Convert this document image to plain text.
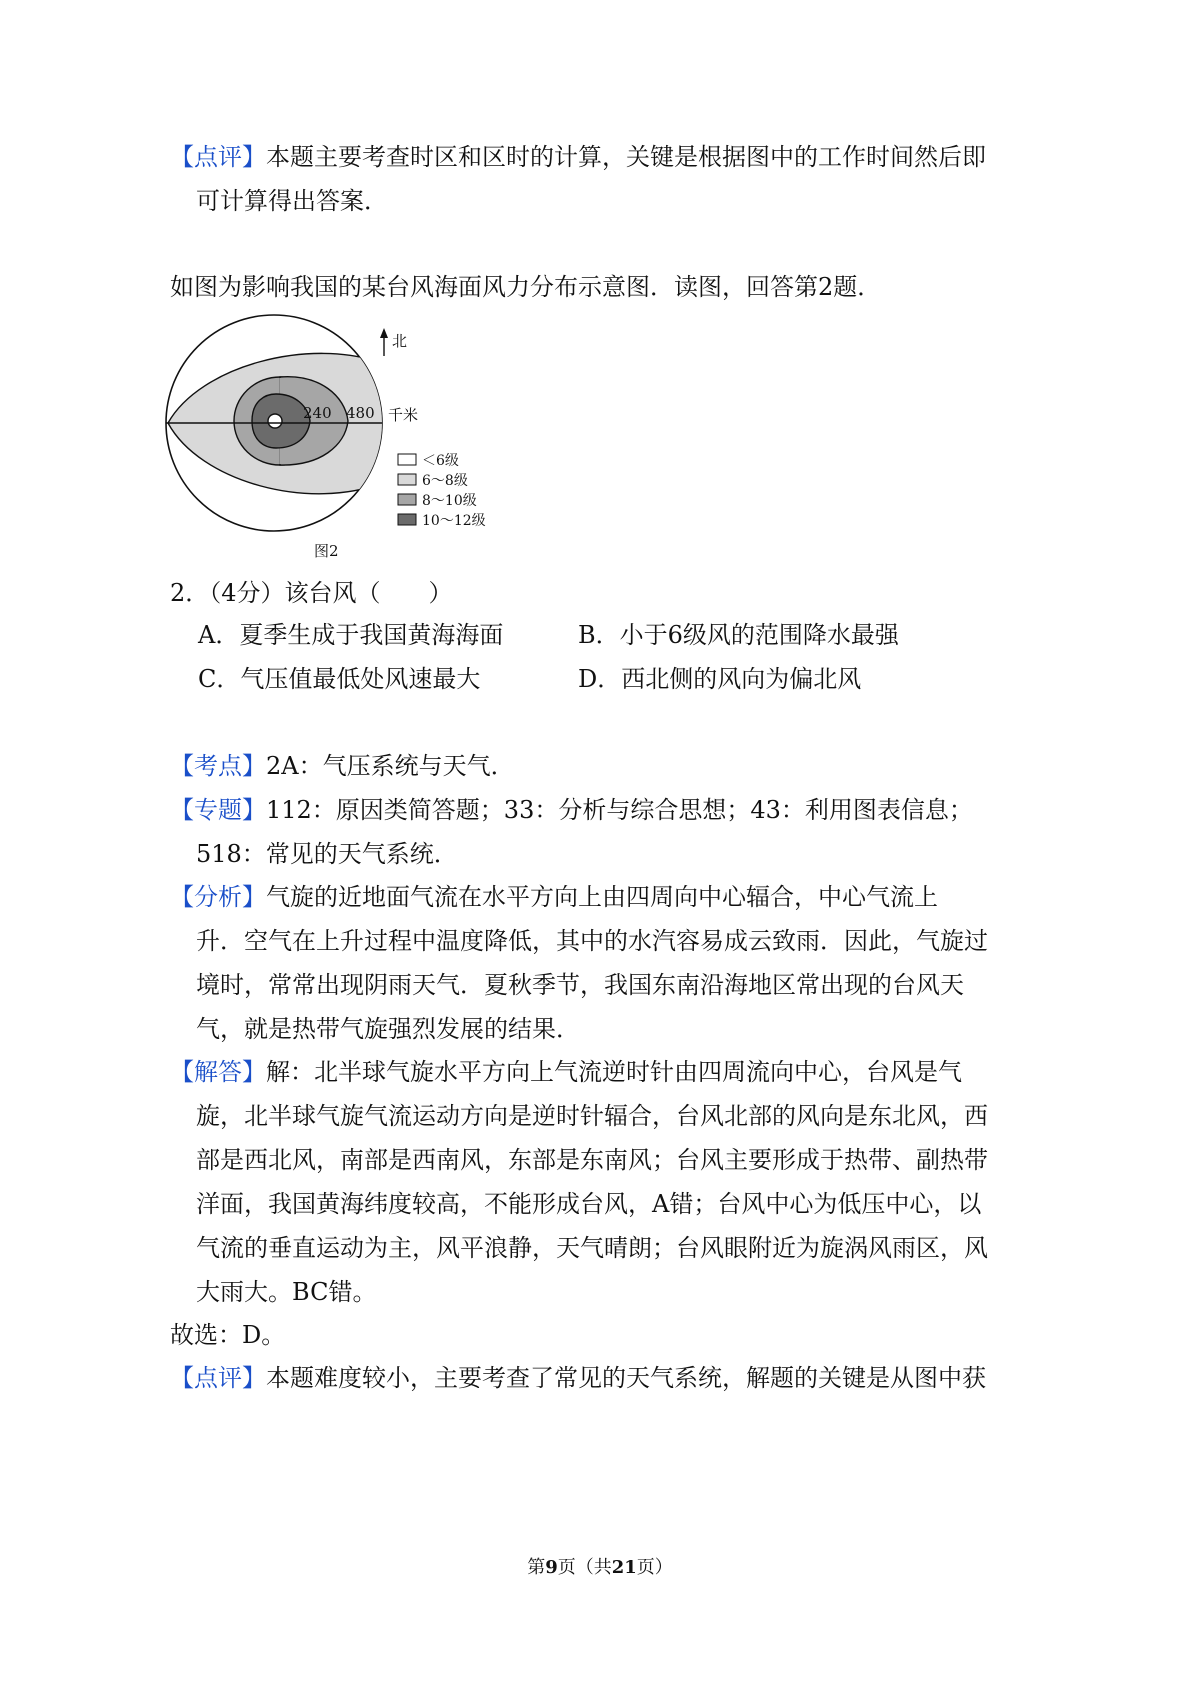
【点评】本题主要考查时区和区时的计算，关键是根据图中的工作时间然后即
可计算得出答案．
如图为影响我国的某台风海面风力分布示意图．读图，回答第2题．
240 480 千米
北
＜6级
6～8级
8～10级
10～12级
图2
2．（4分）该台风（　　）
A．夏季生成于我国黄海海面	B．小于6级风的范围降水最强
C．气压值最低处风速最大	D．西北侧的风向为偏北风
【考点】2A：气压系统与天气．
【专题】112：原因类简答题；33：分析与综合思想；43：利用图表信息；
518：常见的天气系统．
【分析】气旋的近地面气流在水平方向上由四周向中心辐合，中心气流上
升．空气在上升过程中温度降低，其中的水汽容易成云致雨．因此，气旋过
境时，常常出现阴雨天气．夏秋季节，我国东南沿海地区常出现的台风天
气，就是热带气旋强烈发展的结果．
【解答】解：北半球气旋水平方向上气流逆时针由四周流向中心，台风是气
旋，北半球气旋气流运动方向是逆时针辐合，台风北部的风向是东北风，西
部是西北风，南部是西南风，东部是东南风；台风主要形成于热带、副热带
洋面，我国黄海纬度较高，不能形成台风，A错；台风中心为低压中心，以
气流的垂直运动为主，风平浪静，天气晴朗；台风眼附近为旋涡风雨区，风
大雨大。BC错。
故选：D。
【点评】本题难度较小，主要考查了常见的天气系统，解题的关键是从图中获
第9页（共21页）
